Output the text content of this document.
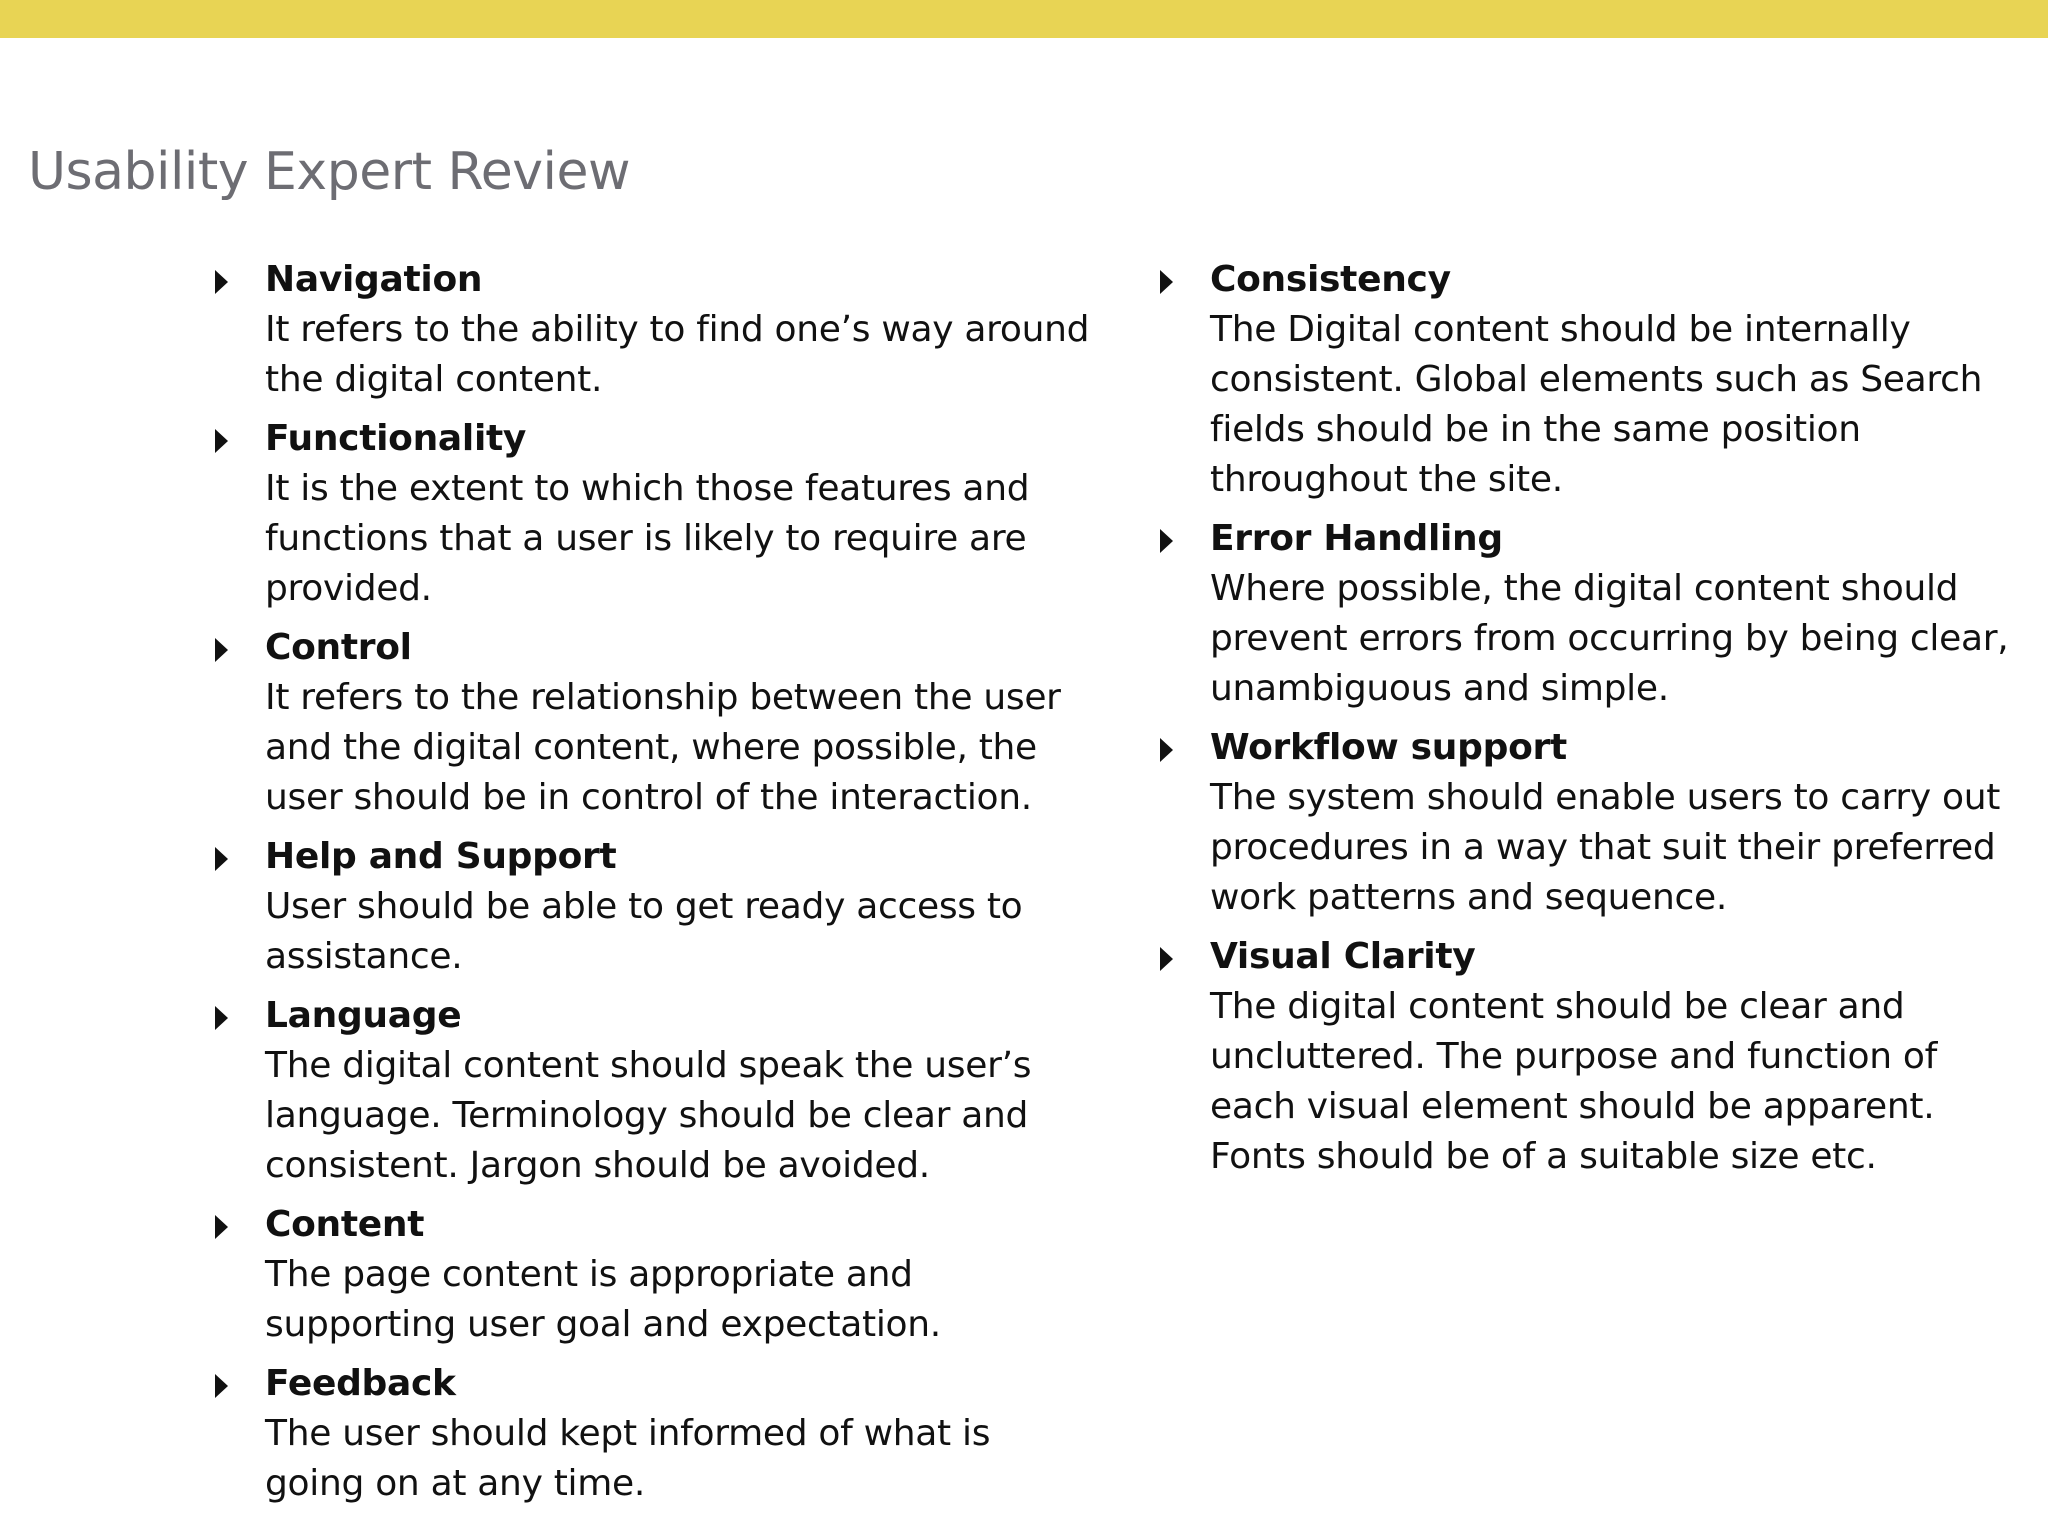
Usability Expert Review
Navigation
It refers to the ability to find one’s way around the digital content.
Functionality
It is the extent to which those features and functions that a user is likely to require are provided.
Control
It refers to the relationship between the user and the digital content, where possible, the user should be in control of the interaction.
Help and Support
User should be able to get ready access to assistance.
Language
The digital content should speak the user’s language. Terminology should be clear and consistent. Jargon should be avoided.
Content
The page content is appropriate and supporting user goal and expectation.
Feedback
The user should kept informed of what is going on at any time.
Consistency
The Digital content should be internally consistent. Global elements such as Search fields should be in the same position throughout the site.
Error Handling
Where possible, the digital content should prevent errors from occurring by being clear, unambiguous and simple.
Workflow support
The system should enable users to carry out procedures in a way that suit their preferred work patterns and sequence.
Visual Clarity
The digital content should be clear and uncluttered. The purpose and function of each visual element should be apparent. Fonts should be of a suitable size etc.
